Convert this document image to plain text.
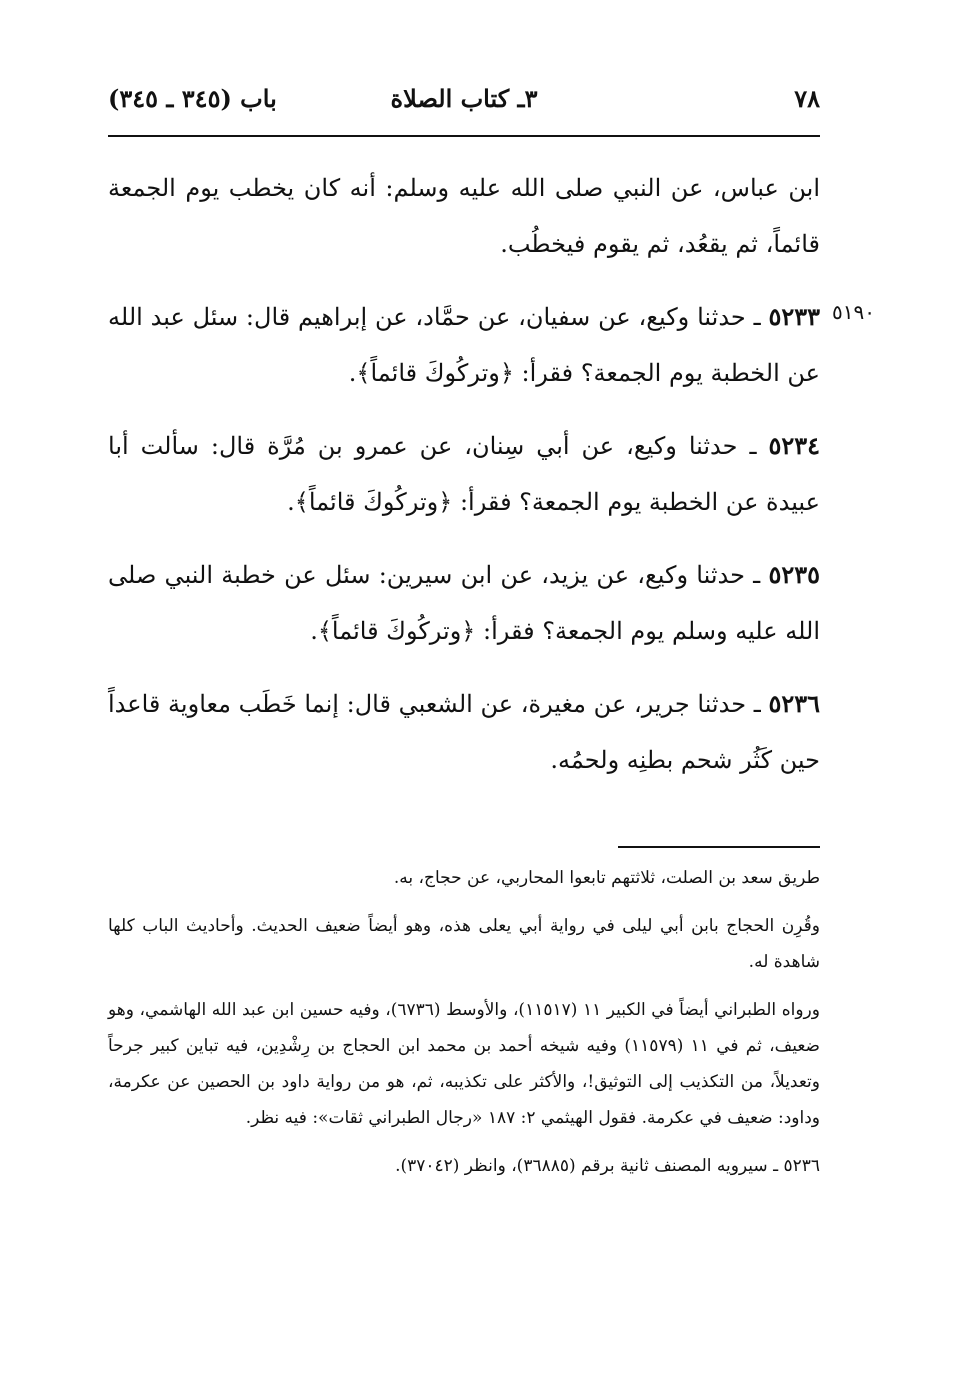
٧٨
٣ـ كتاب الصلاة
باب (٣٤٥ ـ ٣٤٥)
٥١٩٠

ابن عباس، عن النبي صلى الله عليه وسلم: أنه كان يخطب يوم الجمعة قائماً، ثم يقعُد، ثم يقوم فيخطُب.

٥٢٣٣ ـ حدثنا وكيع، عن سفيان، عن حمَّاد، عن إبراهيم قال: سئل عبد الله عن الخطبة يوم الجمعة؟ فقرأ: ﴿وتركُوكَ قائماً﴾.

٥٢٣٤ ـ حدثنا وكيع، عن أبي سِنان، عن عمرو بن مُرَّة قال: سألت أبا عبيدة عن الخطبة يوم الجمعة؟ فقرأ: ﴿وتركُوكَ قائماً﴾.

٥٢٣٥ ـ حدثنا وكيع، عن يزيد، عن ابن سيرين: سئل عن خطبة النبي صلى الله عليه وسلم يوم الجمعة؟ فقرأ: ﴿وتركُوكَ قائماً﴾.

٥٢٣٦ ـ حدثنا جرير، عن مغيرة، عن الشعبي قال: إنما خَطَب معاوية قاعداً حين كَثُر شحم بطنِه ولحمُه.

طريق سعد بن الصلت، ثلاثتهم تابعوا المحاربي، عن حجاج، به.

وقُرِن الحجاج بابن أبي ليلى في رواية أبي يعلى هذه، وهو أيضاً ضعيف الحديث. وأحاديث الباب كلها شاهدة له.

ورواه الطبراني أيضاً في الكبير ١١ (١١٥١٧)، والأوسط (٦٧٣٦)، وفيه حسين ابن عبد الله الهاشمي، وهو ضعيف، ثم في ١١ (١١٥٧٩) وفيه شيخه أحمد بن محمد ابن الحجاج بن رِشْدِين، فيه تباين كبير جرحاً وتعديلاً، من التكذيب إلى التوثيق!، والأكثر على تكذيبه، ثم، هو من رواية داود بن الحصين عن عكرمة، وداود: ضعيف في عكرمة. فقول الهيثمي ٢: ١٨٧ «رجال الطبراني ثقات»: فيه نظر.

٥٢٣٦ ـ سيرويه المصنف ثانية برقم (٣٦٨٨٥)، وانظر (٣٧٠٤٢).
